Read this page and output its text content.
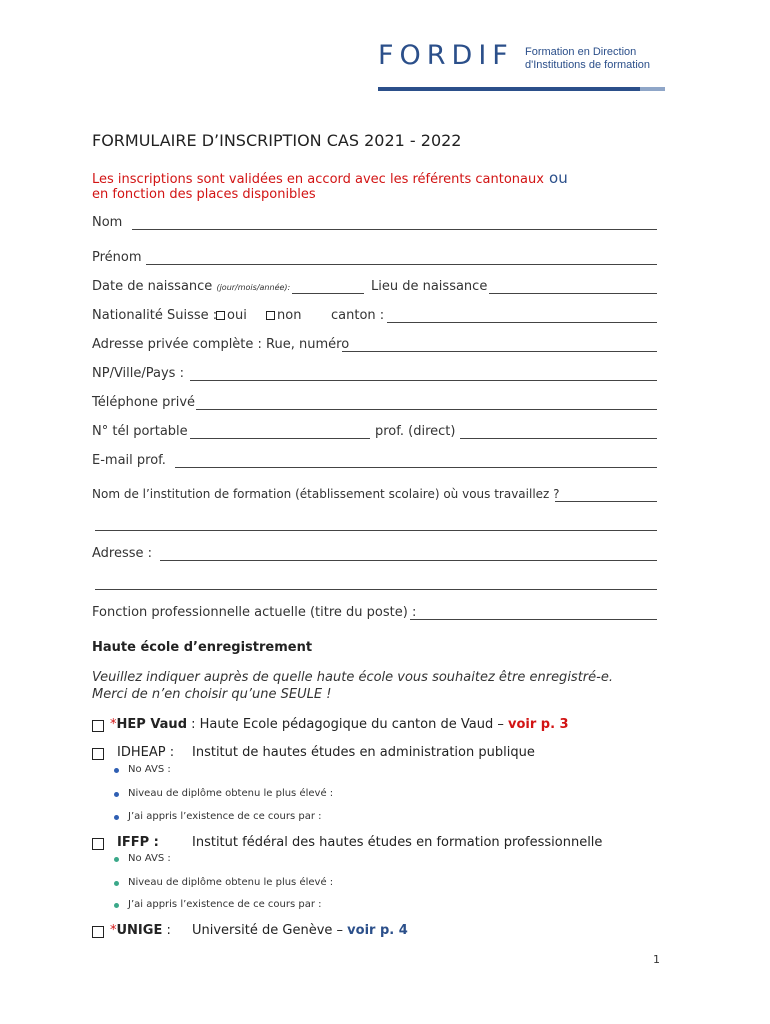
FORDIF Formation en Direction
d'Institutions de formation
FORMULAIRE D’INSCRIPTION CAS 2021 - 2022
Les inscriptions sont validées en accord avec les référents cantonaux ou
en fonction des places disponibles
Nom
Prénom
Date de naissance (jour/mois/année):	Lieu de naissance
Nationalité Suisse : oui	non canton :
Adresse privée complète : Rue, numéro
NP/Ville/Pays :
Téléphone privé
N° tél portable	prof. (direct)
E-mail prof.
Nom de l’institution de formation (établissement scolaire) où vous travaillez ?
Adresse :
Fonction professionnelle actuelle (titre du poste) :
Haute école d’enregistrement
Veuillez indiquer auprès de quelle haute école vous souhaitez être enregistré-e.
Merci de n’en choisir qu’une SEULE !
*HEP Vaud : Haute Ecole pédagogique du canton de Vaud – voir p. 3
IDHEAP : Institut de hautes études en administration publique
No AVS :
Niveau de diplôme obtenu le plus élevé :
J’ai appris l’existence de ce cours par :
IFFP :	Institut fédéral des hautes études en formation professionnelle
No AVS :
Niveau de diplôme obtenu le plus élevé :
J’ai appris l’existence de ce cours par :
*UNIGE : Université de Genève – voir p. 4
1
